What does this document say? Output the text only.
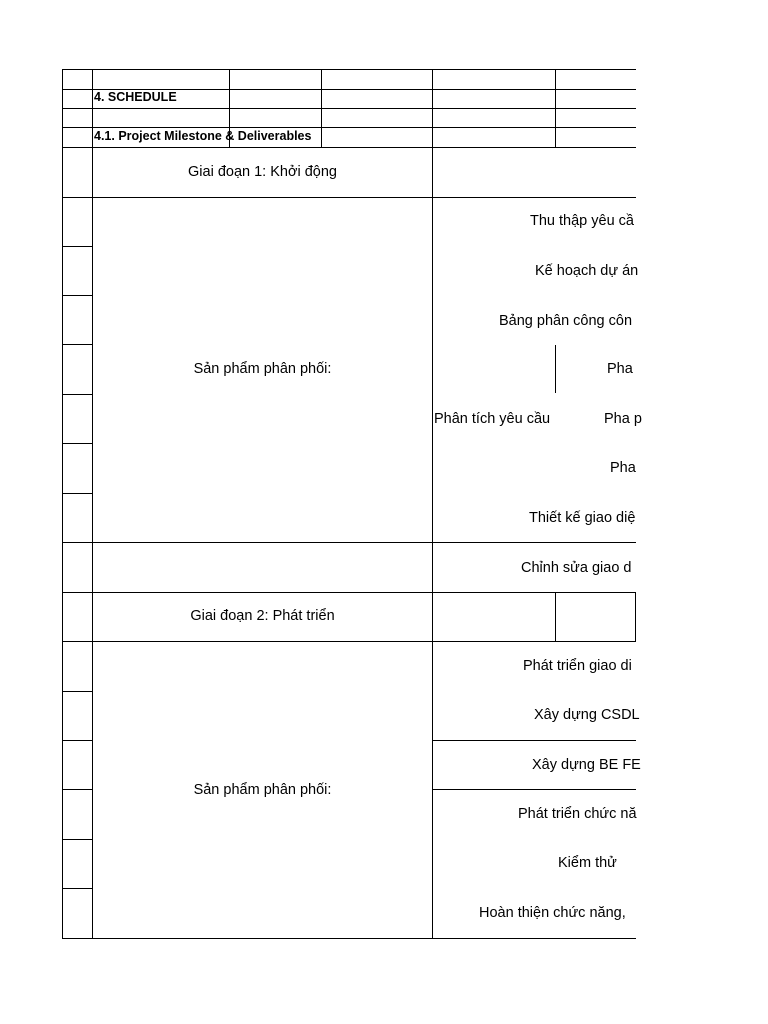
4. SCHEDULE
4.1. Project Milestone & Deliverables
Giai đoạn 1: Khởi động
Sản phẩm phân phối:
Thu thập yêu cầ
Kế hoạch dự án
Bảng phân công côn
Pha
Phân tích yêu cầu	Pha p
Pha
Thiết kế giao diệ
Chỉnh sửa giao d
Giai đoạn 2: Phát triển
Sản phẩm phân phối:
Phát triển giao di
Xây dựng CSDL
Xây dựng BE FE
Phát triển chức nă
Kiểm thử
Hoàn thiện chức năng,
